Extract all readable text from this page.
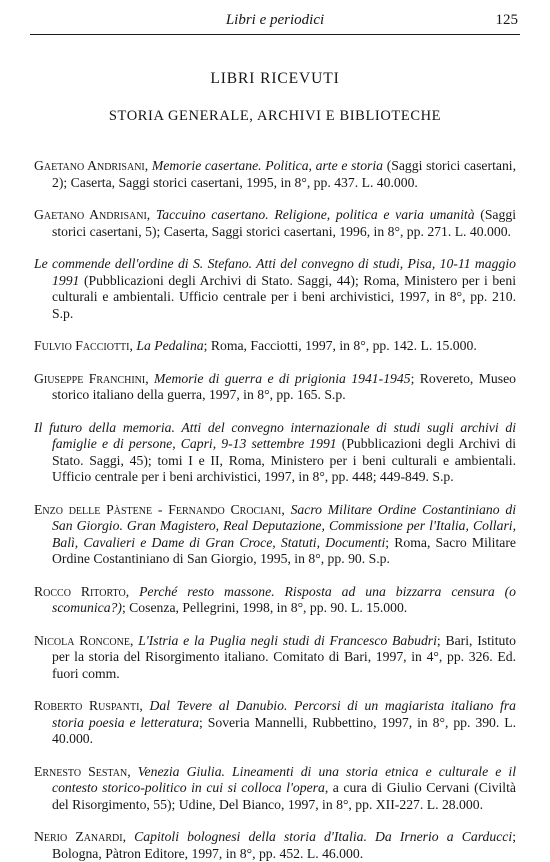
Libri e periodici	125
LIBRI RICEVUTI
STORIA GENERALE, ARCHIVI E BIBLIOTECHE
Gaetano Andrisani, Memorie casertane. Politica, arte e storia (Saggi storici casertani, 2); Caserta, Saggi storici casertani, 1995, in 8°, pp. 437. L. 40.000.
Gaetano Andrisani, Taccuino casertano. Religione, politica e varia umanità (Saggi storici casertani, 5); Caserta, Saggi storici casertani, 1996, in 8°, pp. 271. L. 40.000.
Le commende dell'ordine di S. Stefano. Atti del convegno di studi, Pisa, 10-11 maggio 1991 (Pubblicazioni degli Archivi di Stato. Saggi, 44); Roma, Ministero per i beni culturali e ambientali. Ufficio centrale per i beni archivistici, 1997, in 8°, pp. 210. S.p.
Fulvio Facciotti, La Pedalina; Roma, Facciotti, 1997, in 8°, pp. 142. L. 15.000.
Giuseppe Franchini, Memorie di guerra e di prigionia 1941-1945; Rovereto, Museo storico italiano della guerra, 1997, in 8°, pp. 165. S.p.
Il futuro della memoria. Atti del convegno internazionale di studi sugli archivi di famiglie e di persone, Capri, 9-13 settembre 1991 (Pubblicazioni degli Archivi di Stato. Saggi, 45); tomi I e II, Roma, Ministero per i beni culturali e ambientali. Ufficio centrale per i beni archivistici, 1997, in 8°, pp. 448; 449-849. S.p.
Enzo delle Pàstene - Fernando Crociani, Sacro Militare Ordine Costantiniano di San Giorgio. Gran Magistero, Real Deputazione, Commissione per l'Italia, Collari, Balì, Cavalieri e Dame di Gran Croce, Statuti, Documenti; Roma, Sacro Militare Ordine Costantiniano di San Giorgio, 1995, in 8°, pp. 90. S.p.
Rocco Ritorto, Perché resto massone. Risposta ad una bizzarra censura (o scomunica?); Cosenza, Pellegrini, 1998, in 8°, pp. 90. L. 15.000.
Nicola Roncone, L'Istria e la Puglia negli studi di Francesco Babudri; Bari, Istituto per la storia del Risorgimento italiano. Comitato di Bari, 1997, in 4°, pp. 326. Ed. fuori comm.
Roberto Ruspanti, Dal Tevere al Danubio. Percorsi di un magiarista italiano fra storia poesia e letteratura; Soveria Mannelli, Rubbettino, 1997, in 8°, pp. 390. L. 40.000.
Ernesto Sestan, Venezia Giulia. Lineamenti di una storia etnica e culturale e il contesto storico-politico in cui si colloca l'opera, a cura di Giulio Cervani (Civiltà del Risorgimento, 55); Udine, Del Bianco, 1997, in 8°, pp. XII-227. L. 28.000.
Nerio Zanardi, Capitoli bolognesi della storia d'Italia. Da Irnerio a Carducci; Bologna, Pàtron Editore, 1997, in 8°, pp. 452. L. 46.000.
